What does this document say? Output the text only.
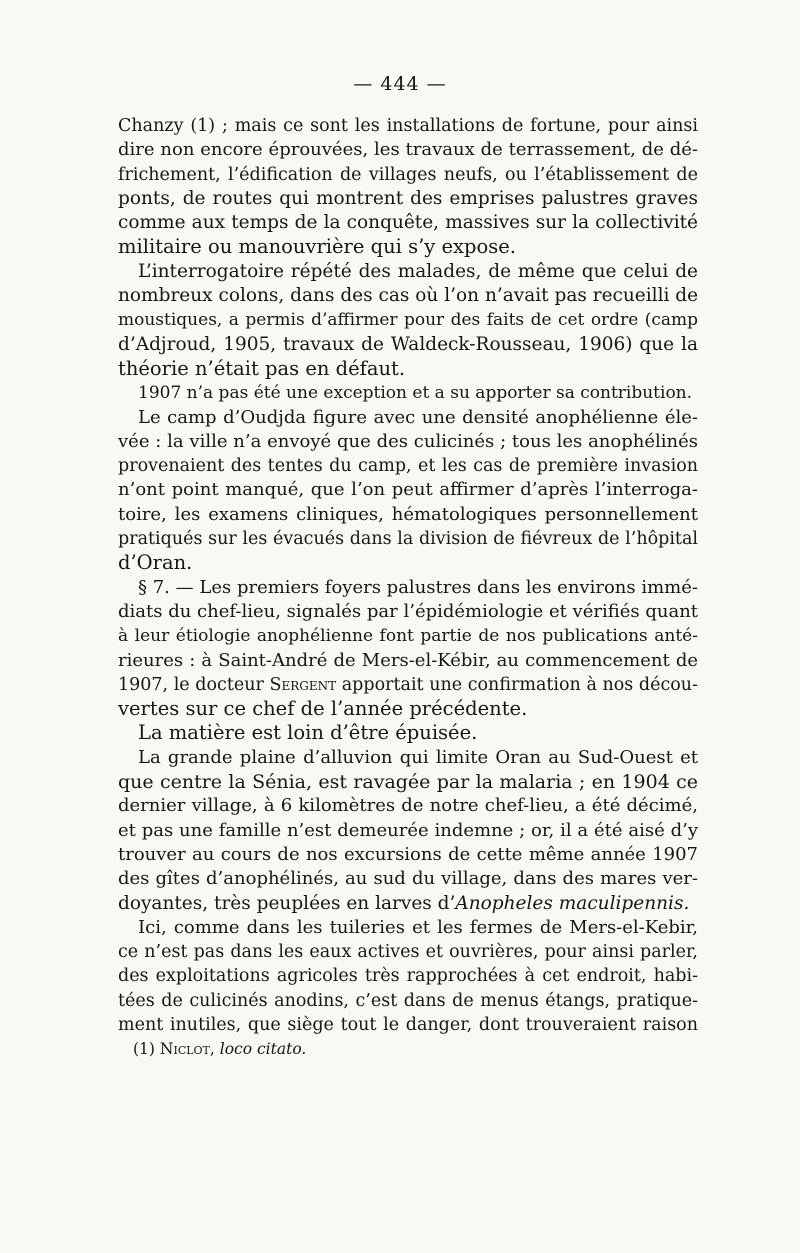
— 444 —
Chanzy (1) ; mais ce sont les installations de fortune, pour ainsi
dire non encore éprouvées, les travaux de terrassement, de dé-
frichement, l’édification de villages neufs, ou l’établissement de
ponts, de routes qui montrent des emprises palustres graves
comme aux temps de la conquête, massives sur la collectivité
militaire ou manouvrière qui s’y expose.
L’interrogatoire répété des malades, de même que celui de
nombreux colons, dans des cas où l’on n’avait pas recueilli de
moustiques, a permis d’affirmer pour des faits de cet ordre (camp
d’Adjroud, 1905, travaux de Waldeck-Rousseau, 1906) que la
théorie n’était pas en défaut.
1907 n’a pas été une exception et a su apporter sa contribution.
Le camp d’Oudjda figure avec une densité anophélienne éle-
vée : la ville n’a envoyé que des culicinés ; tous les anophélinés
provenaient des tentes du camp, et les cas de première invasion
n’ont point manqué, que l’on peut affirmer d’après l’interroga-
toire, les examens cliniques, hématologiques personnellement
pratiqués sur les évacués dans la division de fiévreux de l’hôpital
d’Oran.
§ 7. — Les premiers foyers palustres dans les environs immé-
diats du chef-lieu, signalés par l’épidémiologie et vérifiés quant
à leur étiologie anophélienne font partie de nos publications anté-
rieures : à Saint-André de Mers-el-Kébir, au commencement de
1907, le docteur Sergent apportait une confirmation à nos décou-
vertes sur ce chef de l’année précédente.
La matière est loin d’être épuisée.
La grande plaine d’alluvion qui limite Oran au Sud-Ouest et
que centre la Sénia, est ravagée par la malaria ; en 1904 ce
dernier village, à 6 kilomètres de notre chef-lieu, a été décimé,
et pas une famille n’est demeurée indemne ; or, il a été aisé d’y
trouver au cours de nos excursions de cette même année 1907
des gîtes d’anophélinés, au sud du village, dans des mares ver-
doyantes, très peuplées en larves d’Anopheles maculipennis.
Ici, comme dans les tuileries et les fermes de Mers-el-Kebir,
ce n’est pas dans les eaux actives et ouvrières, pour ainsi parler,
des exploitations agricoles très rapprochées à cet endroit, habi-
tées de culicinés anodins, c’est dans de menus étangs, pratique-
ment inutiles, que siège tout le danger, dont trouveraient raison
(1) Niclot, loco citato.
